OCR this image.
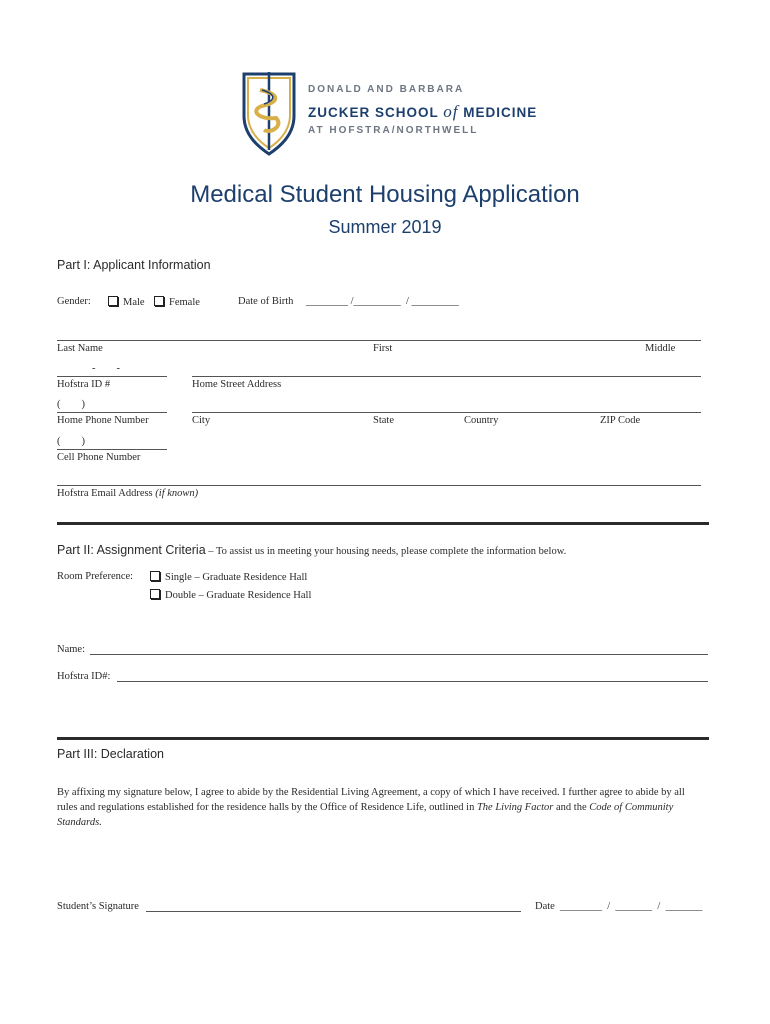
DONALD AND BARBARA
ZUCKER SCHOOL of MEDICINE
AT HOFSTRA/NORTHWELL
Medical Student Housing Application
Summer 2019
Part I: Applicant Information
Gender:	Male	Female	Date of Birth ________ /_________  / _________
Last Name	First	Middle
-        -
Hofstra ID #	Home Street Address
(        )
Home Phone Number	City	State	Country	ZIP Code
(        )
Cell Phone Number
Hofstra Email Address (if known)
Part II: Assignment Criteria – To assist us in meeting your housing needs, please complete the information below.
Room Preference:	Single – Graduate Residence Hall
Double – Graduate Residence Hall
Name:
Hofstra ID#:
Part III: Declaration
By affixing my signature below, I agree to abide by the Residential Living Agreement, a copy of which I have received. I further agree to abide by all rules and regulations established for the residence halls by the Office of Residence Life, outlined in The Living Factor and the Code of Community Standards.
Student’s Signature	Date ________  /  _______  /  _______
